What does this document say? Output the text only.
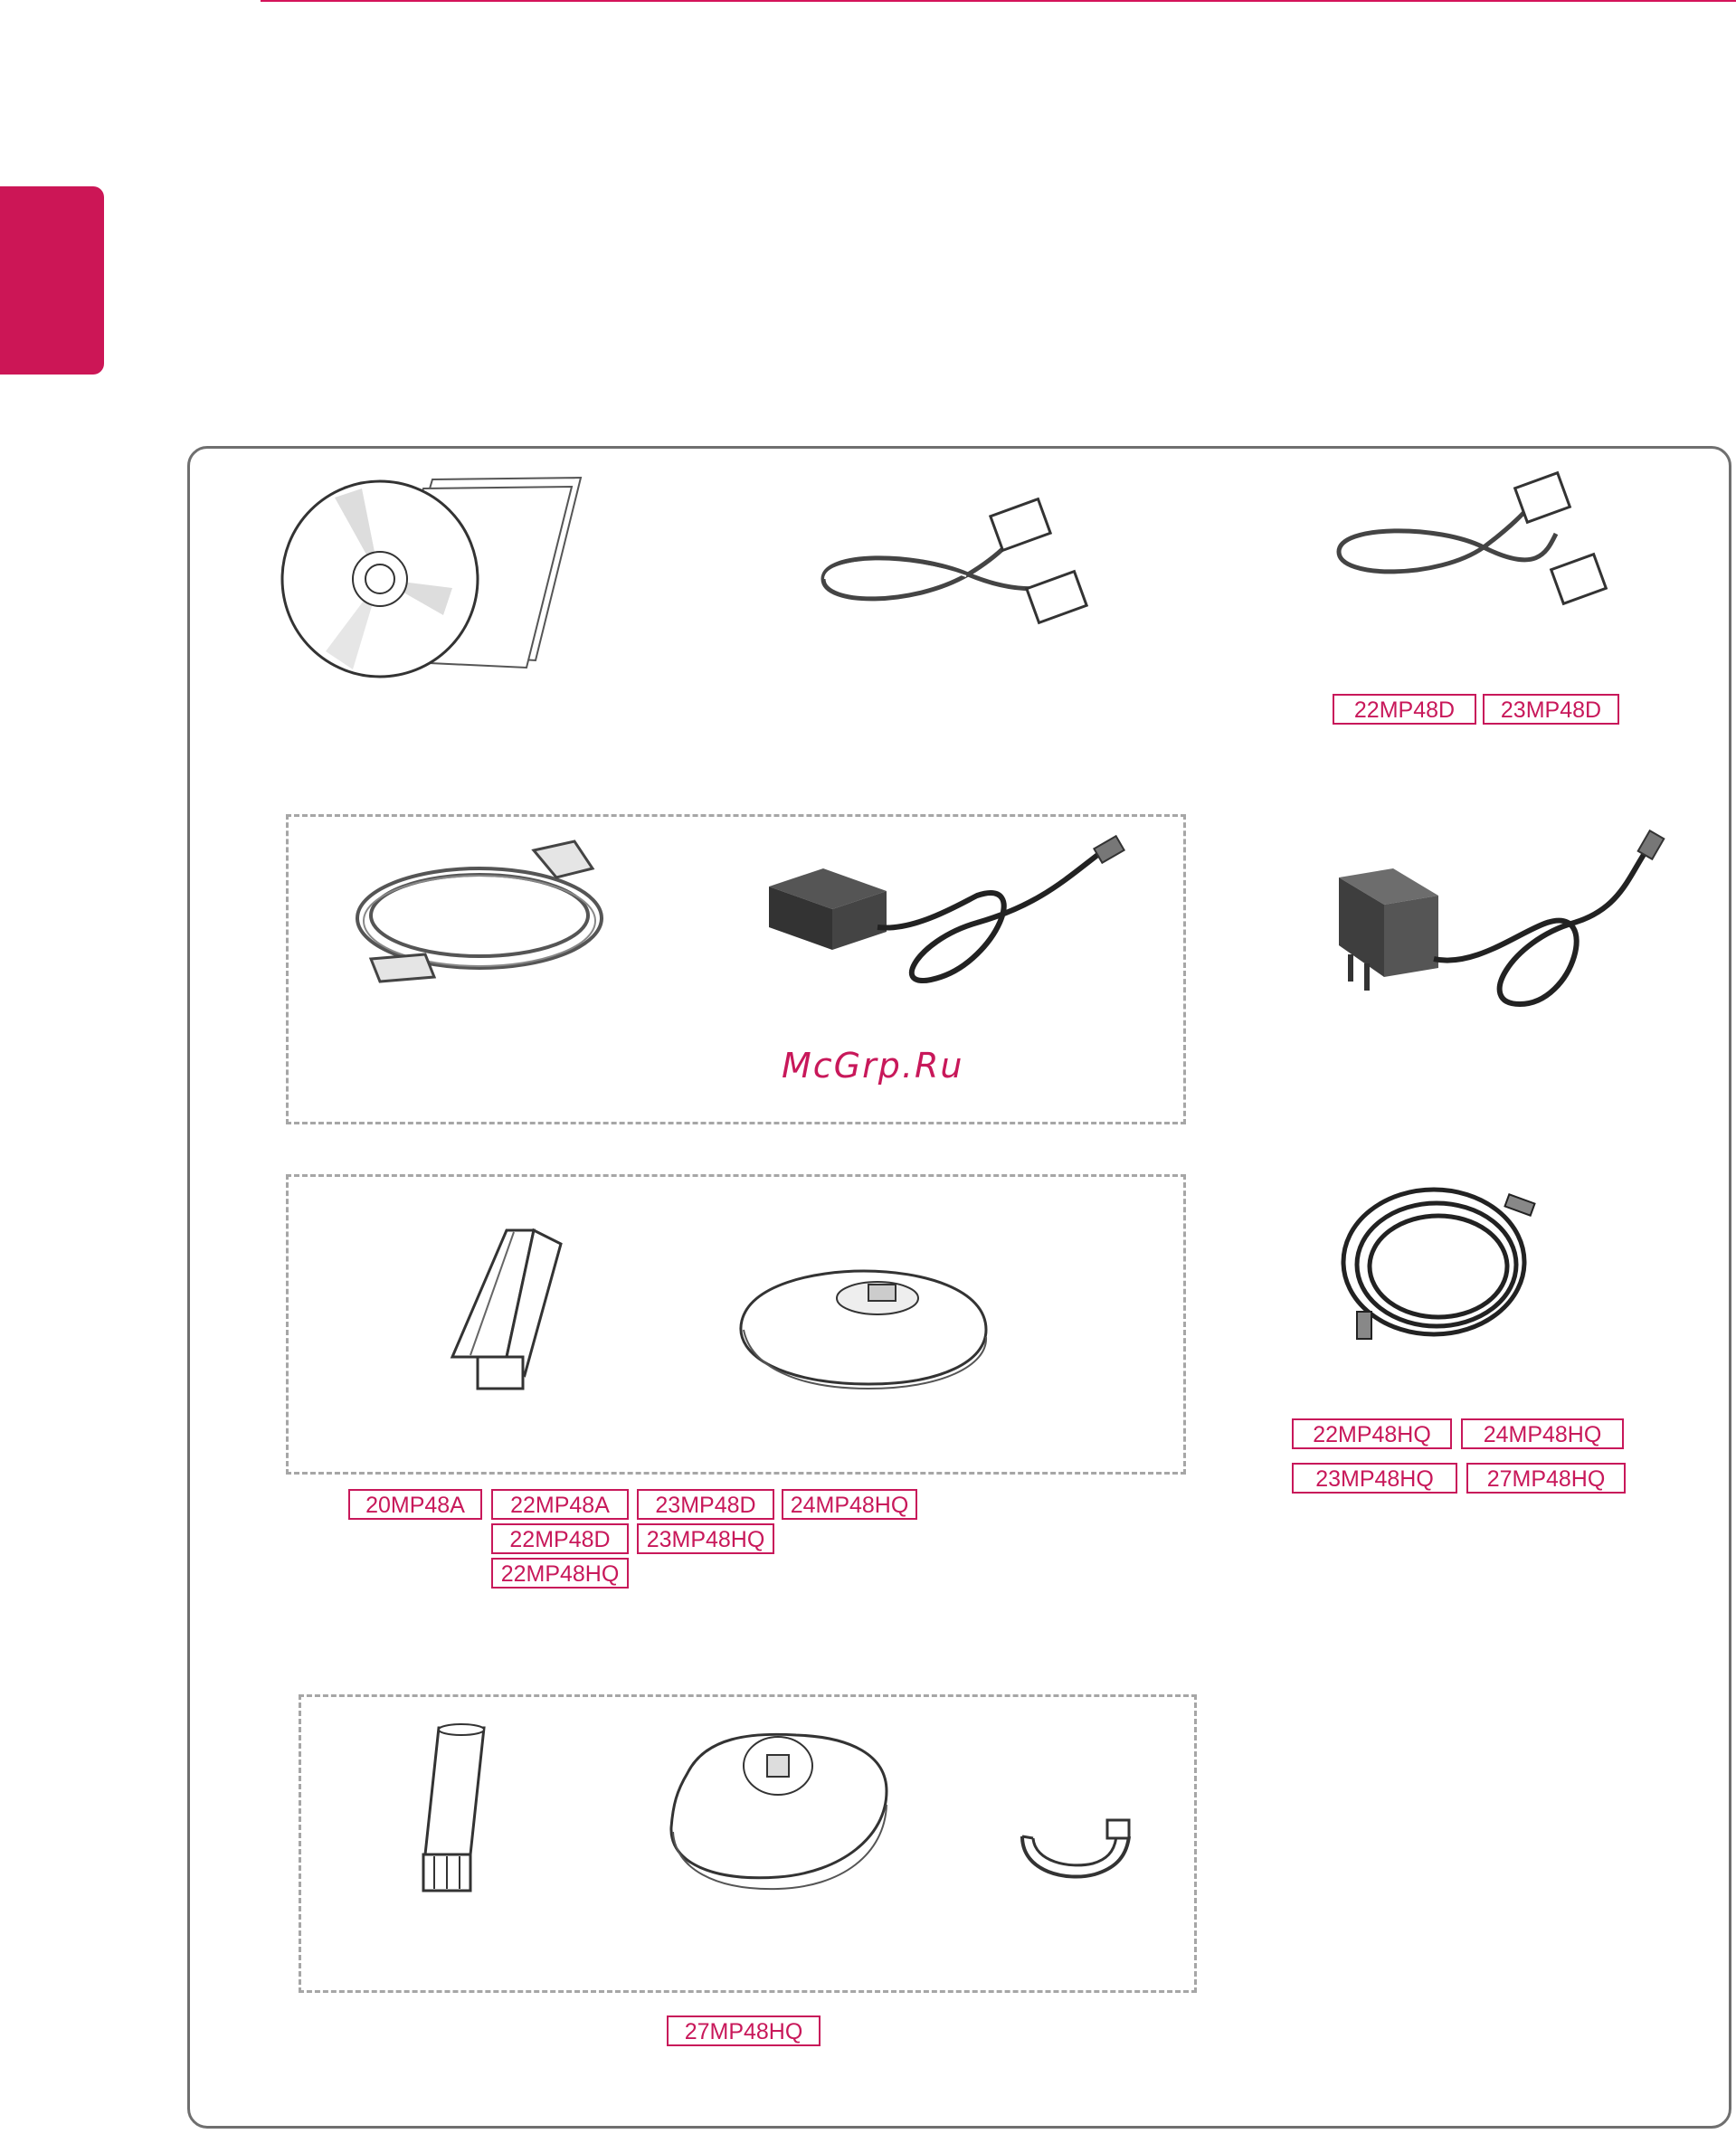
22MP48D	23MP48D
McGrp.Ru
22MP48HQ	24MP48HQ
23MP48HQ	27MP48HQ
20MP48A	22MP48A	23MP48D	24MP48HQ
22MP48D	23MP48HQ
22MP48HQ
27MP48HQ
